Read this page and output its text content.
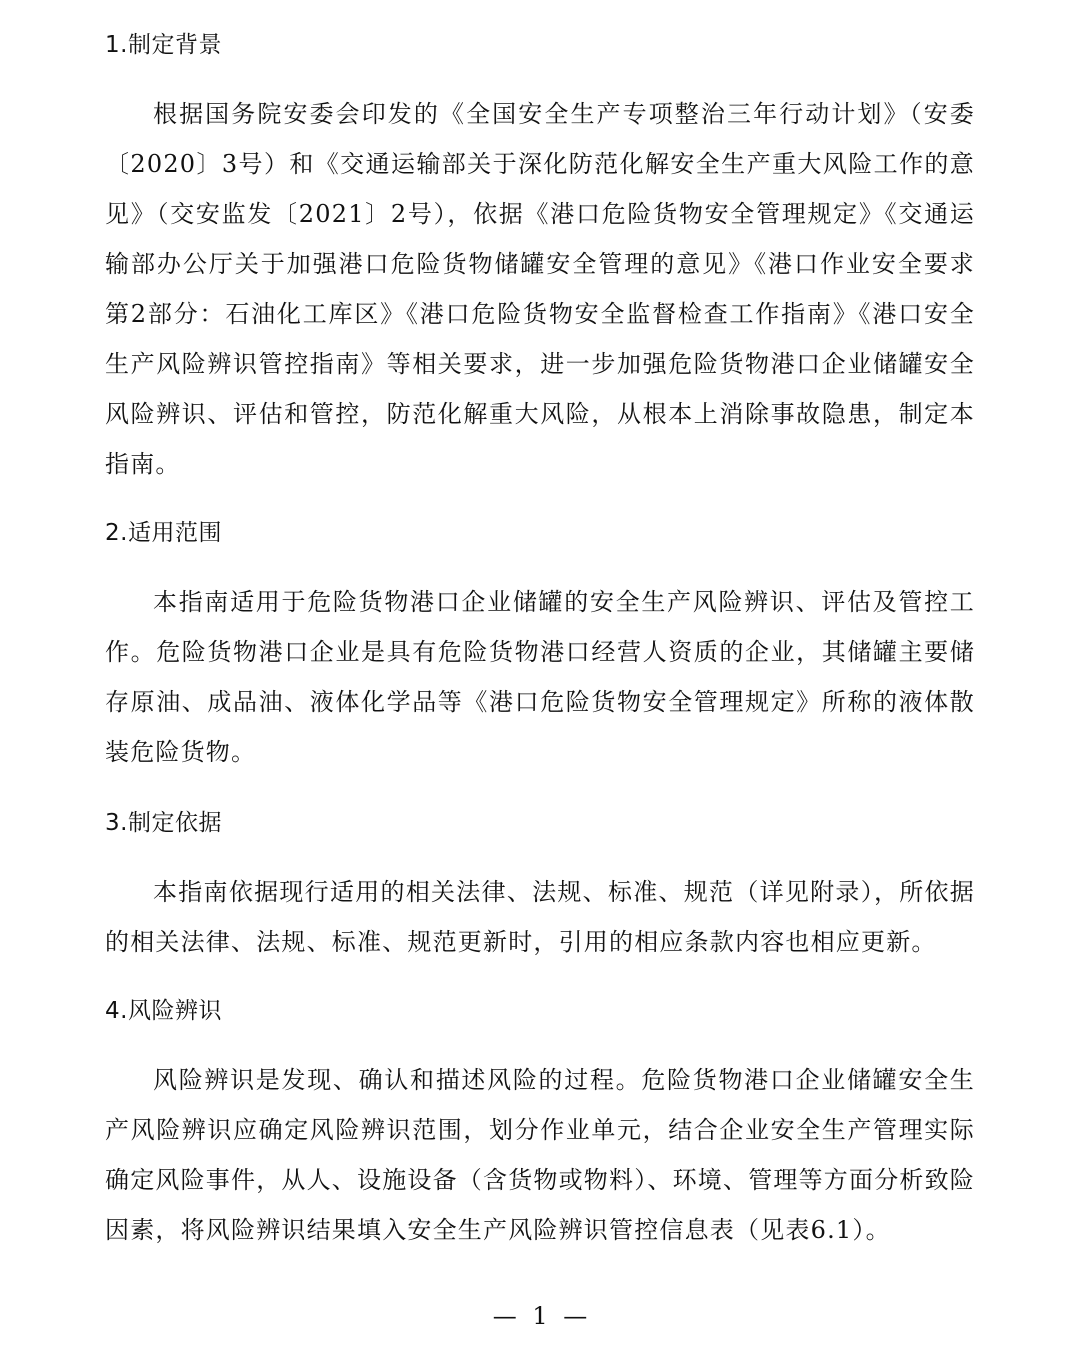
1.制定背景

根据国务院安委会印发的《全国安全生产专项整治三年行动计划》（安委〔2020〕3号）和《交通运输部关于深化防范化解安全生产重大风险工作的意见》（交安监发〔2021〕2号），依据《港口危险货物安全管理规定》《交通运输部办公厅关于加强港口危险货物储罐安全管理的意见》《港口作业安全要求 第2部分：石油化工库区》《港口危险货物安全监督检查工作指南》《港口安全生产风险辨识管控指南》等相关要求，进一步加强危险货物港口企业储罐安全风险辨识、评估和管控，防范化解重大风险，从根本上消除事故隐患，制定本指南。

2.适用范围

本指南适用于危险货物港口企业储罐的安全生产风险辨识、评估及管控工作。危险货物港口企业是具有危险货物港口经营人资质的企业，其储罐主要储存原油、成品油、液体化学品等《港口危险货物安全管理规定》所称的液体散装危险货物。

3.制定依据

本指南依据现行适用的相关法律、法规、标准、规范（详见附录），所依据的相关法律、法规、标准、规范更新时，引用的相应条款内容也相应更新。

4.风险辨识

风险辨识是发现、确认和描述风险的过程。危险货物港口企业储罐安全生产风险辨识应确定风险辨识范围，划分作业单元，结合企业安全生产管理实际确定风险事件，从人、设施设备（含货物或物料）、环境、管理等方面分析致险因素，将风险辨识结果填入安全生产风险辨识管控信息表（见表6.1）。

— 1 —
